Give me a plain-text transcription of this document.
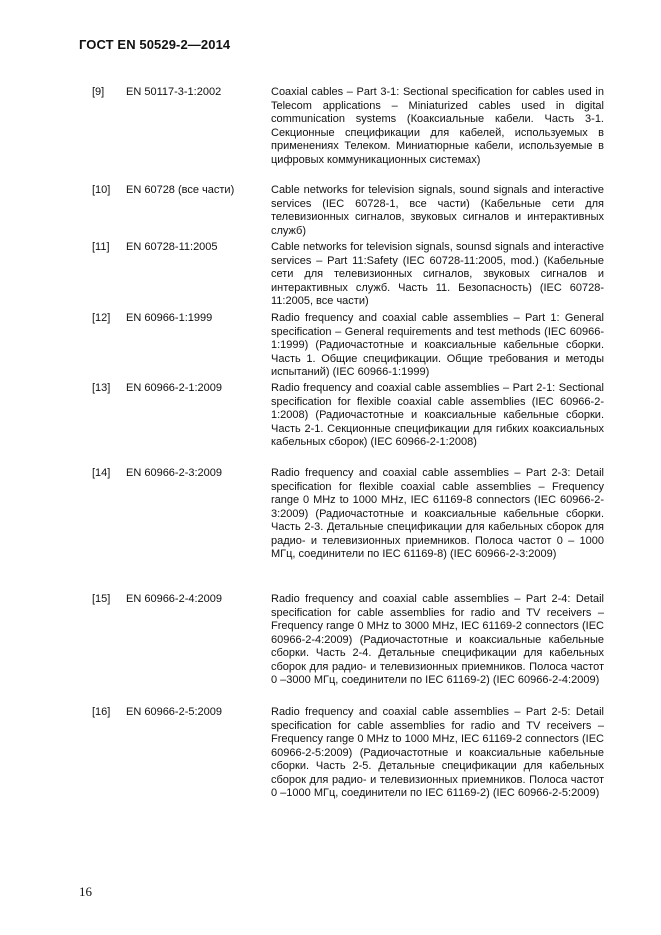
ГОСТ EN 50529-2—2014
[9] EN 50117-3-1:2002	Coaxial cables – Part 3-1: Sectional specification for cables used in Telecom applications – Miniaturized cables used in digital communication systems (Коаксиальные кабели. Часть 3-1. Секционные спецификации для кабелей, используемых в применениях Телеком. Миниатюрные кабели, используемые в цифровых коммуникационных системах)
[10] EN 60728 (все части)	Cable networks for television signals, sound signals and interactive services (IEC 60728-1, все части) (Кабельные сети для телевизионных сигналов, звуковых сигналов и интерактивных служб)
[11] EN 60728-11:2005	Cable networks for television signals, sounsd signals and interactive services – Part 11:Safety (IEC 60728-11:2005, mod.) (Кабельные сети для телевизионных сигналов, звуковых сигналов и интерактивных служб. Часть 11. Безопасность) (IEC 60728-11:2005, все части)
[12] EN 60966-1:1999	Radio frequency and coaxial cable assemblies – Part 1: General specification – General requirements and test methods (IEC 60966-1:1999) (Радиочастотные и коаксиальные кабельные сборки. Часть 1. Общие спецификации. Общие требования и методы испытаний) (IEC 60966-1:1999)
[13] EN 60966-2-1:2009	Radio frequency and coaxial cable assemblies – Part 2-1: Sectional specification for flexible coaxial cable assemblies (IEC 60966-2-1:2008) (Радиочастотные и коаксиальные кабельные сборки. Часть 2-1. Секционные спецификации для гибких коаксиальных кабельных сборок) (IEC 60966-2-1:2008)
[14] EN 60966-2-3:2009	Radio frequency and coaxial cable assemblies – Part 2-3: Detail specification for flexible coaxial cable assemblies – Frequency range 0 MHz to 1000 MHz, IEC 61169-8 connectors (IEC 60966-2-3:2009) (Радиочастотные и коаксиальные кабельные сборки. Часть 2-3. Детальные спецификации для кабельных сборок для радио- и телевизионных приемников. Полоса частот 0 – 1000 МГц, соединители по IEC 61169-8) (IEC 60966-2-3:2009)
[15] EN 60966-2-4:2009	Radio frequency and coaxial cable assemblies – Part 2-4: Detail specification for cable assemblies for radio and TV receivers – Frequency range 0 MHz to 3000 MHz, IEC 61169-2 connectors (IEC 60966-2-4:2009) (Радиочастотные и коаксиальные кабельные сборки. Часть 2-4. Детальные спецификации для кабельных сборок для радио- и телевизионных приемников. Полоса частот 0 –3000 МГц, соединители по IEC 61169-2) (IEC 60966-2-4:2009)
[16] EN 60966-2-5:2009	Radio frequency and coaxial cable assemblies – Part 2-5: Detail specification for cable assemblies for radio and TV receivers – Frequency range 0 MHz to 1000 MHz, IEC 61169-2 connectors (IEC 60966-2-5:2009) (Радиочастотные и коаксиальные кабельные сборки. Часть 2-5. Детальные спецификации для кабельных сборок для радио- и телевизионных приемников. Полоса частот 0 –1000 МГц, соединители по IEC 61169-2) (IEC 60966-2-5:2009)
16
